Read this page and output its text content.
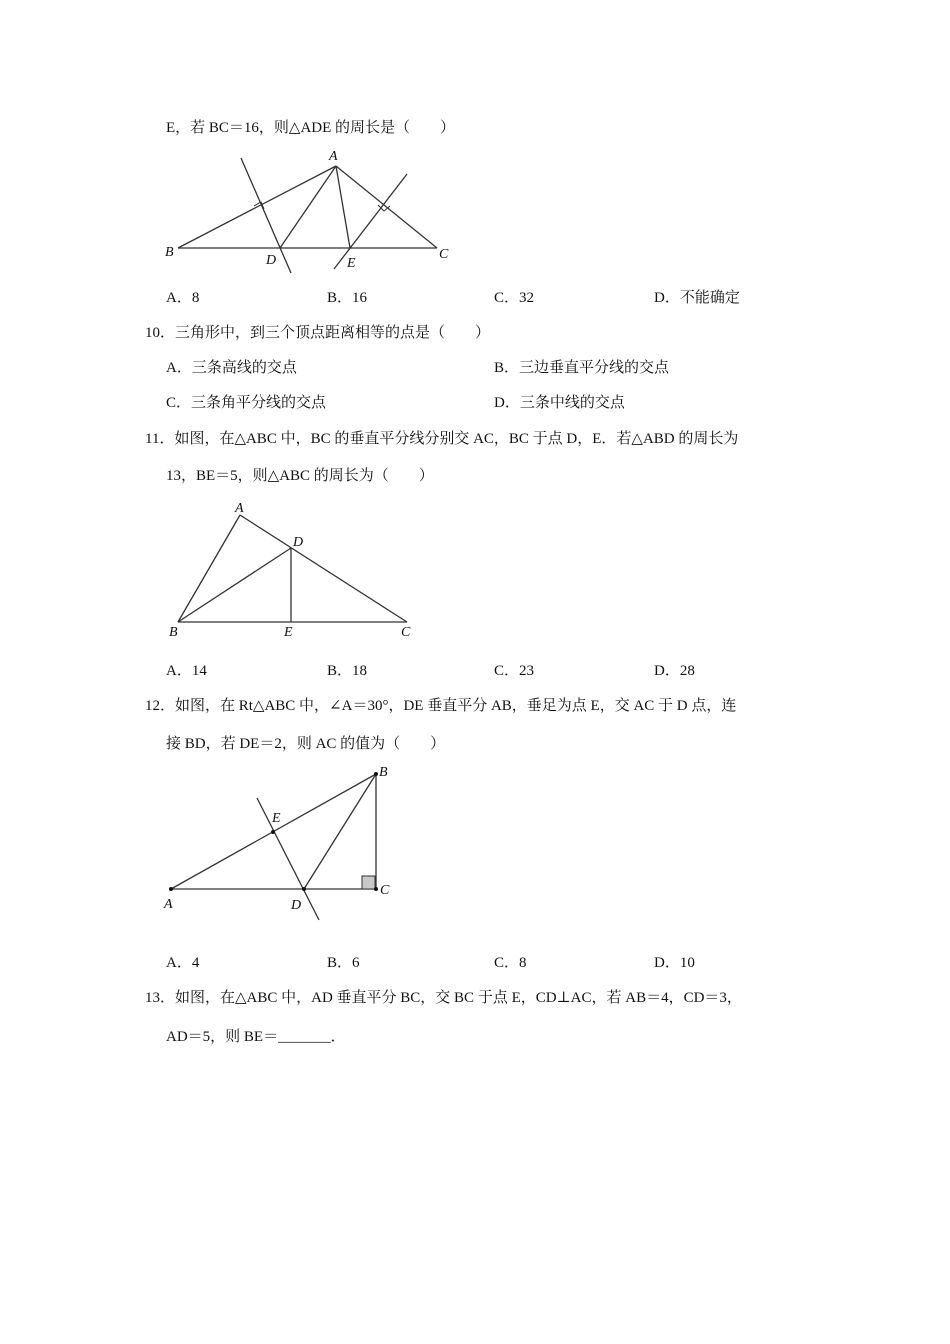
E，若 BC＝16，则△ADE 的周长是（　　）
A
B	C
D	E
A．8	B．16	C．32	D．不能确定
10．三角形中，到三个顶点距离相等的点是（　　）
A．三条高线的交点	B．三边垂直平分线的交点
C．三条角平分线的交点	D．三条中线的交点
11．如图，在△ABC 中，BC 的垂直平分线分别交 AC，BC 于点 D，E．若△ABD 的周长为
13，BE＝5，则△ABC 的周长为（　　）
A
B	C
D
E
A．14	B．18	C．23	D．28
12．如图，在 Rt△ABC 中，∠A＝30°，DE 垂直平分 AB，垂足为点 E，交 AC 于 D 点，连
接 BD，若 DE＝2，则 AC 的值为（　　）
A
B
C
D
E
A．4	B．6	C．8	D．10
13．如图，在△ABC 中，AD 垂直平分 BC，交 BC 于点 E，CD⊥AC，若 AB＝4，CD＝3，
AD＝5，则 BE＝_______．
